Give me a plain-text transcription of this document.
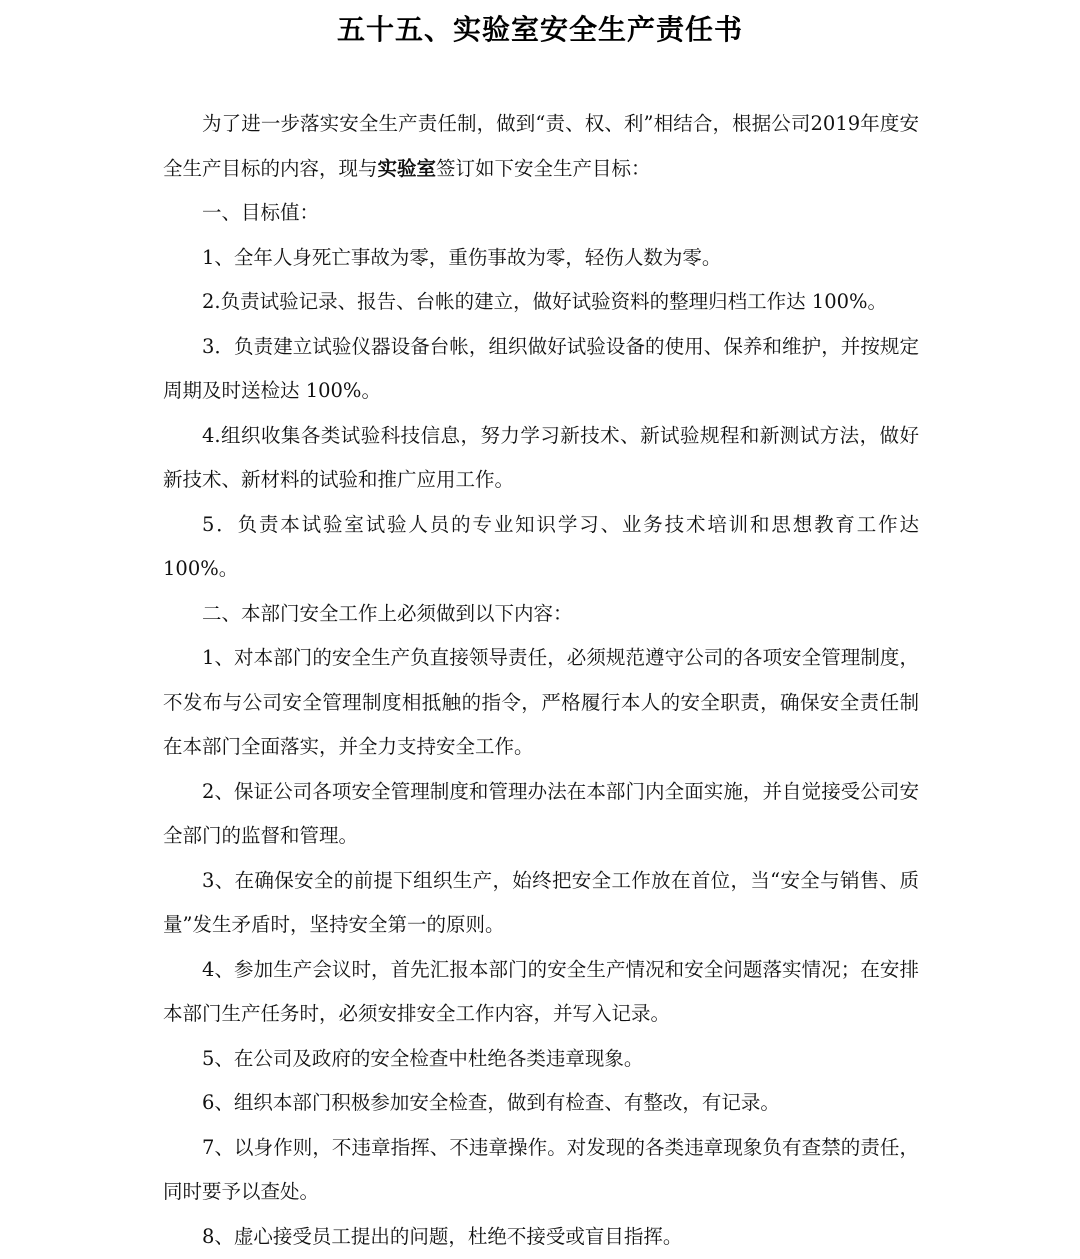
五十五、实验室安全生产责任书

为了进一步落实安全生产责任制，做到“责、权、利”相结合，根据公司2019年度安全生产目标的内容，现与实验室签订如下安全生产目标：

一、目标值：

1、全年人身死亡事故为零，重伤事故为零，轻伤人数为零。

2.负责试验记录、报告、台帐的建立，做好试验资料的整理归档工作达 100%。

3．负责建立试验仪器设备台帐，组织做好试验设备的使用、保养和维护，并按规定周期及时送检达 100%。

4.组织收集各类试验科技信息，努力学习新技术、新试验规程和新测试方法，做好新技术、新材料的试验和推广应用工作。

5．负责本试验室试验人员的专业知识学习、业务技术培训和思想教育工作达 100%。

二、本部门安全工作上必须做到以下内容：

1、对本部门的安全生产负直接领导责任，必须规范遵守公司的各项安全管理制度，不发布与公司安全管理制度相抵触的指令，严格履行本人的安全职责，确保安全责任制在本部门全面落实，并全力支持安全工作。

2、保证公司各项安全管理制度和管理办法在本部门内全面实施，并自觉接受公司安全部门的监督和管理。

3、在确保安全的前提下组织生产，始终把安全工作放在首位，当“安全与销售、质量”发生矛盾时，坚持安全第一的原则。

4、参加生产会议时，首先汇报本部门的安全生产情况和安全问题落实情况；在安排本部门生产任务时，必须安排安全工作内容，并写入记录。

5、在公司及政府的安全检查中杜绝各类违章现象。

6、组织本部门积极参加安全检查，做到有检查、有整改，有记录。

7、以身作则，不违章指挥、不违章操作。对发现的各类违章现象负有查禁的责任，同时要予以查处。

8、虚心接受员工提出的问题，杜绝不接受或盲目指挥。
